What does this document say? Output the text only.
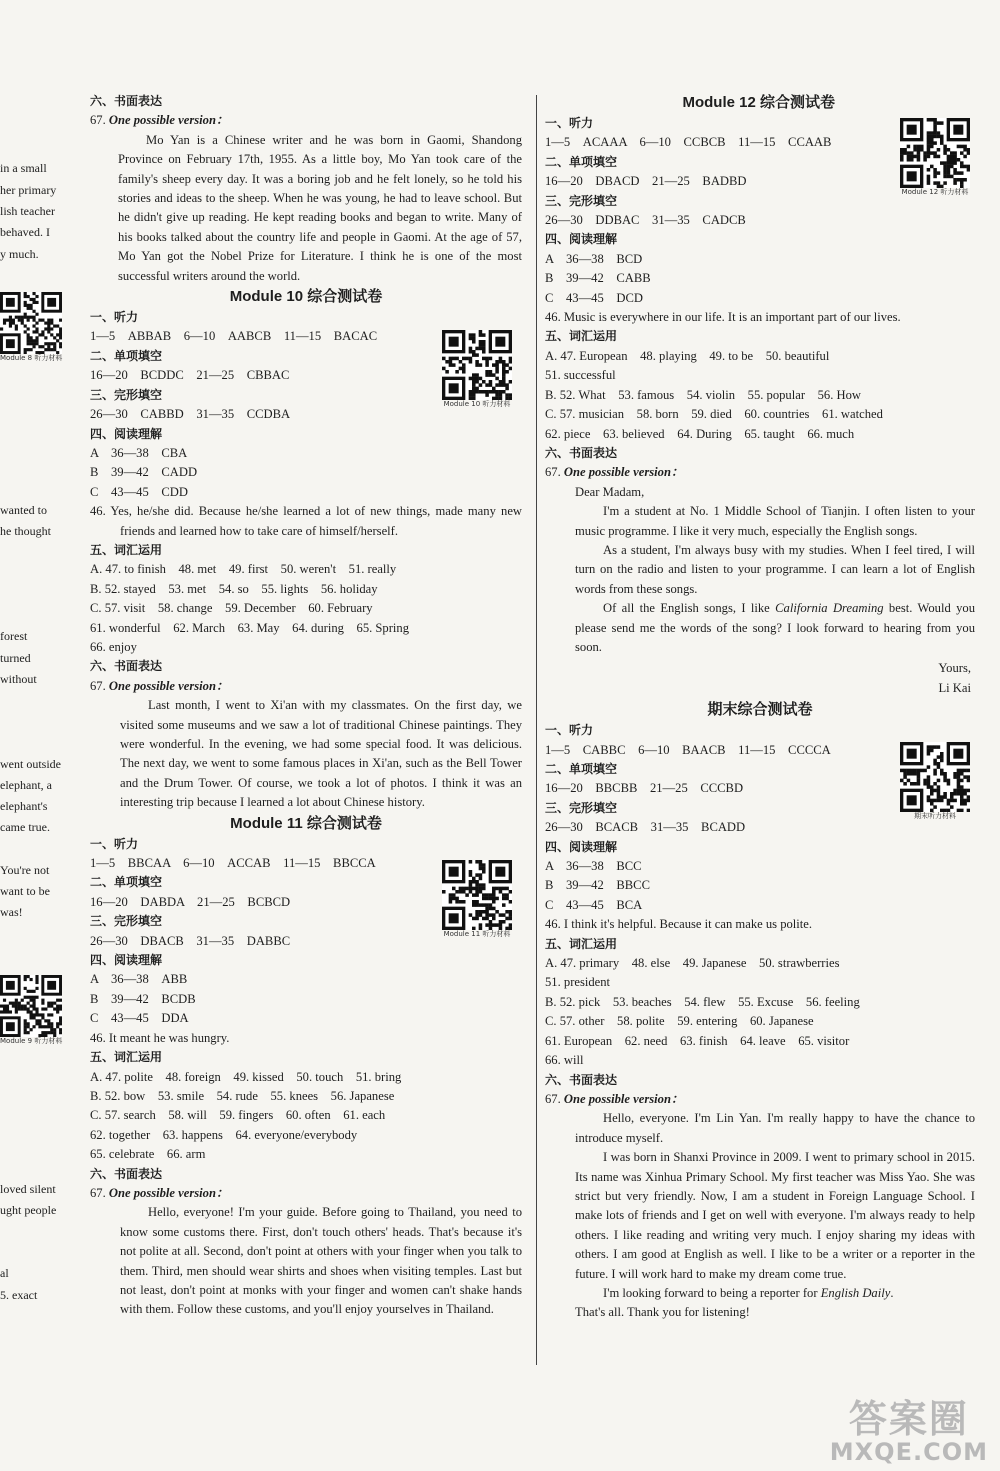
in a small
her primary
lish teacher
behaved. I
y much.
wanted to
he thought
forest
turned
without
went outside
elephant, a
elephant's
came true.
You're not
want to be
was!
loved silent
ught people
al
5. exact
Module 8 听力材料
Module 9 听力材料
六、书面表达
67. One possible version：
Mo Yan is a Chinese writer and he was born in Gaomi, Shandong Province on February 17th, 1955. As a little boy, Mo Yan took care of the family's sheep every day. It was a boring job and he felt lonely, so he told his stories and ideas to the sheep. When he was young, he had to leave school. But he didn't give up reading. He kept reading books and began to write. Many of his books talked about the country life and people in Gaomi. At the age of 57, Mo Yan got the Nobel Prize for Literature. I think he is one of the most successful writers around the world.
Module 10 综合测试卷
一、听力
1—5　ABBAB　6—10　AABCB　11—15　BACAC
二、单项填空
16—20　BCDDC　21—25　CBBAC
三、完形填空
26—30　CABBD　31—35　CCDBA
四、阅读理解
A　36—38　CBA
B　39—42　CADD
C　43—45　CDD
46. Yes, he/she did. Because he/she learned a lot of new things, made many new friends and learned how to take care of himself/herself.
五、词汇运用
A. 47. to finish　48. met　49. first　50. weren't　51. really
B. 52. stayed　53. met　54. so　55. lights　56. holiday
C. 57. visit　58. change　59. December　60. February
61. wonderful　62. March　63. May　64. during　65. Spring
66. enjoy
六、书面表达
67. One possible version：
Last month, I went to Xi'an with my classmates. On the first day, we visited some museums and we saw a lot of traditional Chinese paintings. They were wonderful. In the evening, we had some special food. It was delicious. The next day, we went to some famous places in Xi'an, such as the Bell Tower and the Drum Tower. Of course, we took a lot of photos. I think it was an interesting trip because I learned a lot about Chinese history.
Module 11 综合测试卷
一、听力
1—5　BBCAA　6—10　ACCAB　11—15　BBCCA
二、单项填空
16—20　DABDA　21—25　BCBCD
三、完形填空
26—30　DBACB　31—35　DABBC
四、阅读理解
A　36—38　ABB
B　39—42　BCDB
C　43—45　DDA
46. It meant he was hungry.
五、词汇运用
A. 47. polite　48. foreign　49. kissed　50. touch　51. bring
B. 52. bow　53. smile　54. rude　55. knees　56. Japanese
C. 57. search　58. will　59. fingers　60. often　61. each
62. together　63. happens　64. everyone/everybody
65. celebrate　66. arm
六、书面表达
67. One possible version：
Hello, everyone! I'm your guide. Before going to Thailand, you need to know some customs there. First, don't touch others' heads. That's because it's not polite at all. Second, don't point at others with your finger when you talk to them. Third, men should wear shirts and shoes when visiting temples. Last but not least, don't point at monks with your finger and women can't shake hands with them. Follow these customs, and you'll enjoy yourselves in Thailand.
Module 10 听力材料
Module 11 听力材料
Module 12 综合测试卷
一、听力
1—5　ACAAA　6—10　CCBCB　11—15　CCAAB
二、单项填空
16—20　DBACD　21—25　BADBD
三、完形填空
26—30　DDBAC　31—35　CADCB
四、阅读理解
A　36—38　BCD
B　39—42　CABB
C　43—45　DCD
46. Music is everywhere in our life. It is an important part of our lives.
五、词汇运用
A. 47. European　48. playing　49. to be　50. beautiful
51. successful
B. 52. What　53. famous　54. violin　55. popular　56. How
C. 57. musician　58. born　59. died　60. countries　61. watched
62. piece　63. believed　64. During　65. taught　66. much
六、书面表达
67. One possible version：
Dear Madam,
I'm a student at No. 1 Middle School of Tianjin. I often listen to your music programme. I like it very much, especially the English songs.
As a student, I'm always busy with my studies. When I feel tired, I will turn on the radio and listen to your programme. I can learn a lot of English words from these songs.
Of all the English songs, I like California Dreaming best. Would you please send me the words of the song? I look forward to hearing from you soon.
Yours,
Li Kai
期末综合测试卷
一、听力
1—5　CABBC　6—10　BAACB　11—15　CCCCA
二、单项填空
16—20　BBCBB　21—25　CCCBD
三、完形填空
26—30　BCACB　31—35　BCADD
四、阅读理解
A　36—38　BCC
B　39—42　BBCC
C　43—45　BCA
46. I think it's helpful. Because it can make us polite.
五、词汇运用
A. 47. primary　48. else　49. Japanese　50. strawberries
51. president
B. 52. pick　53. beaches　54. flew　55. Excuse　56. feeling
C. 57. other　58. polite　59. entering　60. Japanese
61. European　62. need　63. finish　64. leave　65. visitor
66. will
六、书面表达
67. One possible version：
Hello, everyone. I'm Lin Yan. I'm really happy to have the chance to introduce myself.
I was born in Shanxi Province in 2009. I went to primary school in 2015. Its name was Xinhua Primary School. My first teacher was Miss Yao. She was strict but very friendly. Now, I am a student in Foreign Language School. I make lots of friends and I get on well with everyone. I'm always ready to help others. I like reading and writing very much. I enjoy sharing my ideas with others. I am good at English as well. I like to be a writer or a reporter in the future. I will work hard to make my dream come true.
I'm looking forward to being a reporter for English Daily.
That's all. Thank you for listening!
Module 12 听力材料
期末听力材料
答案圈
MXQE.COM
